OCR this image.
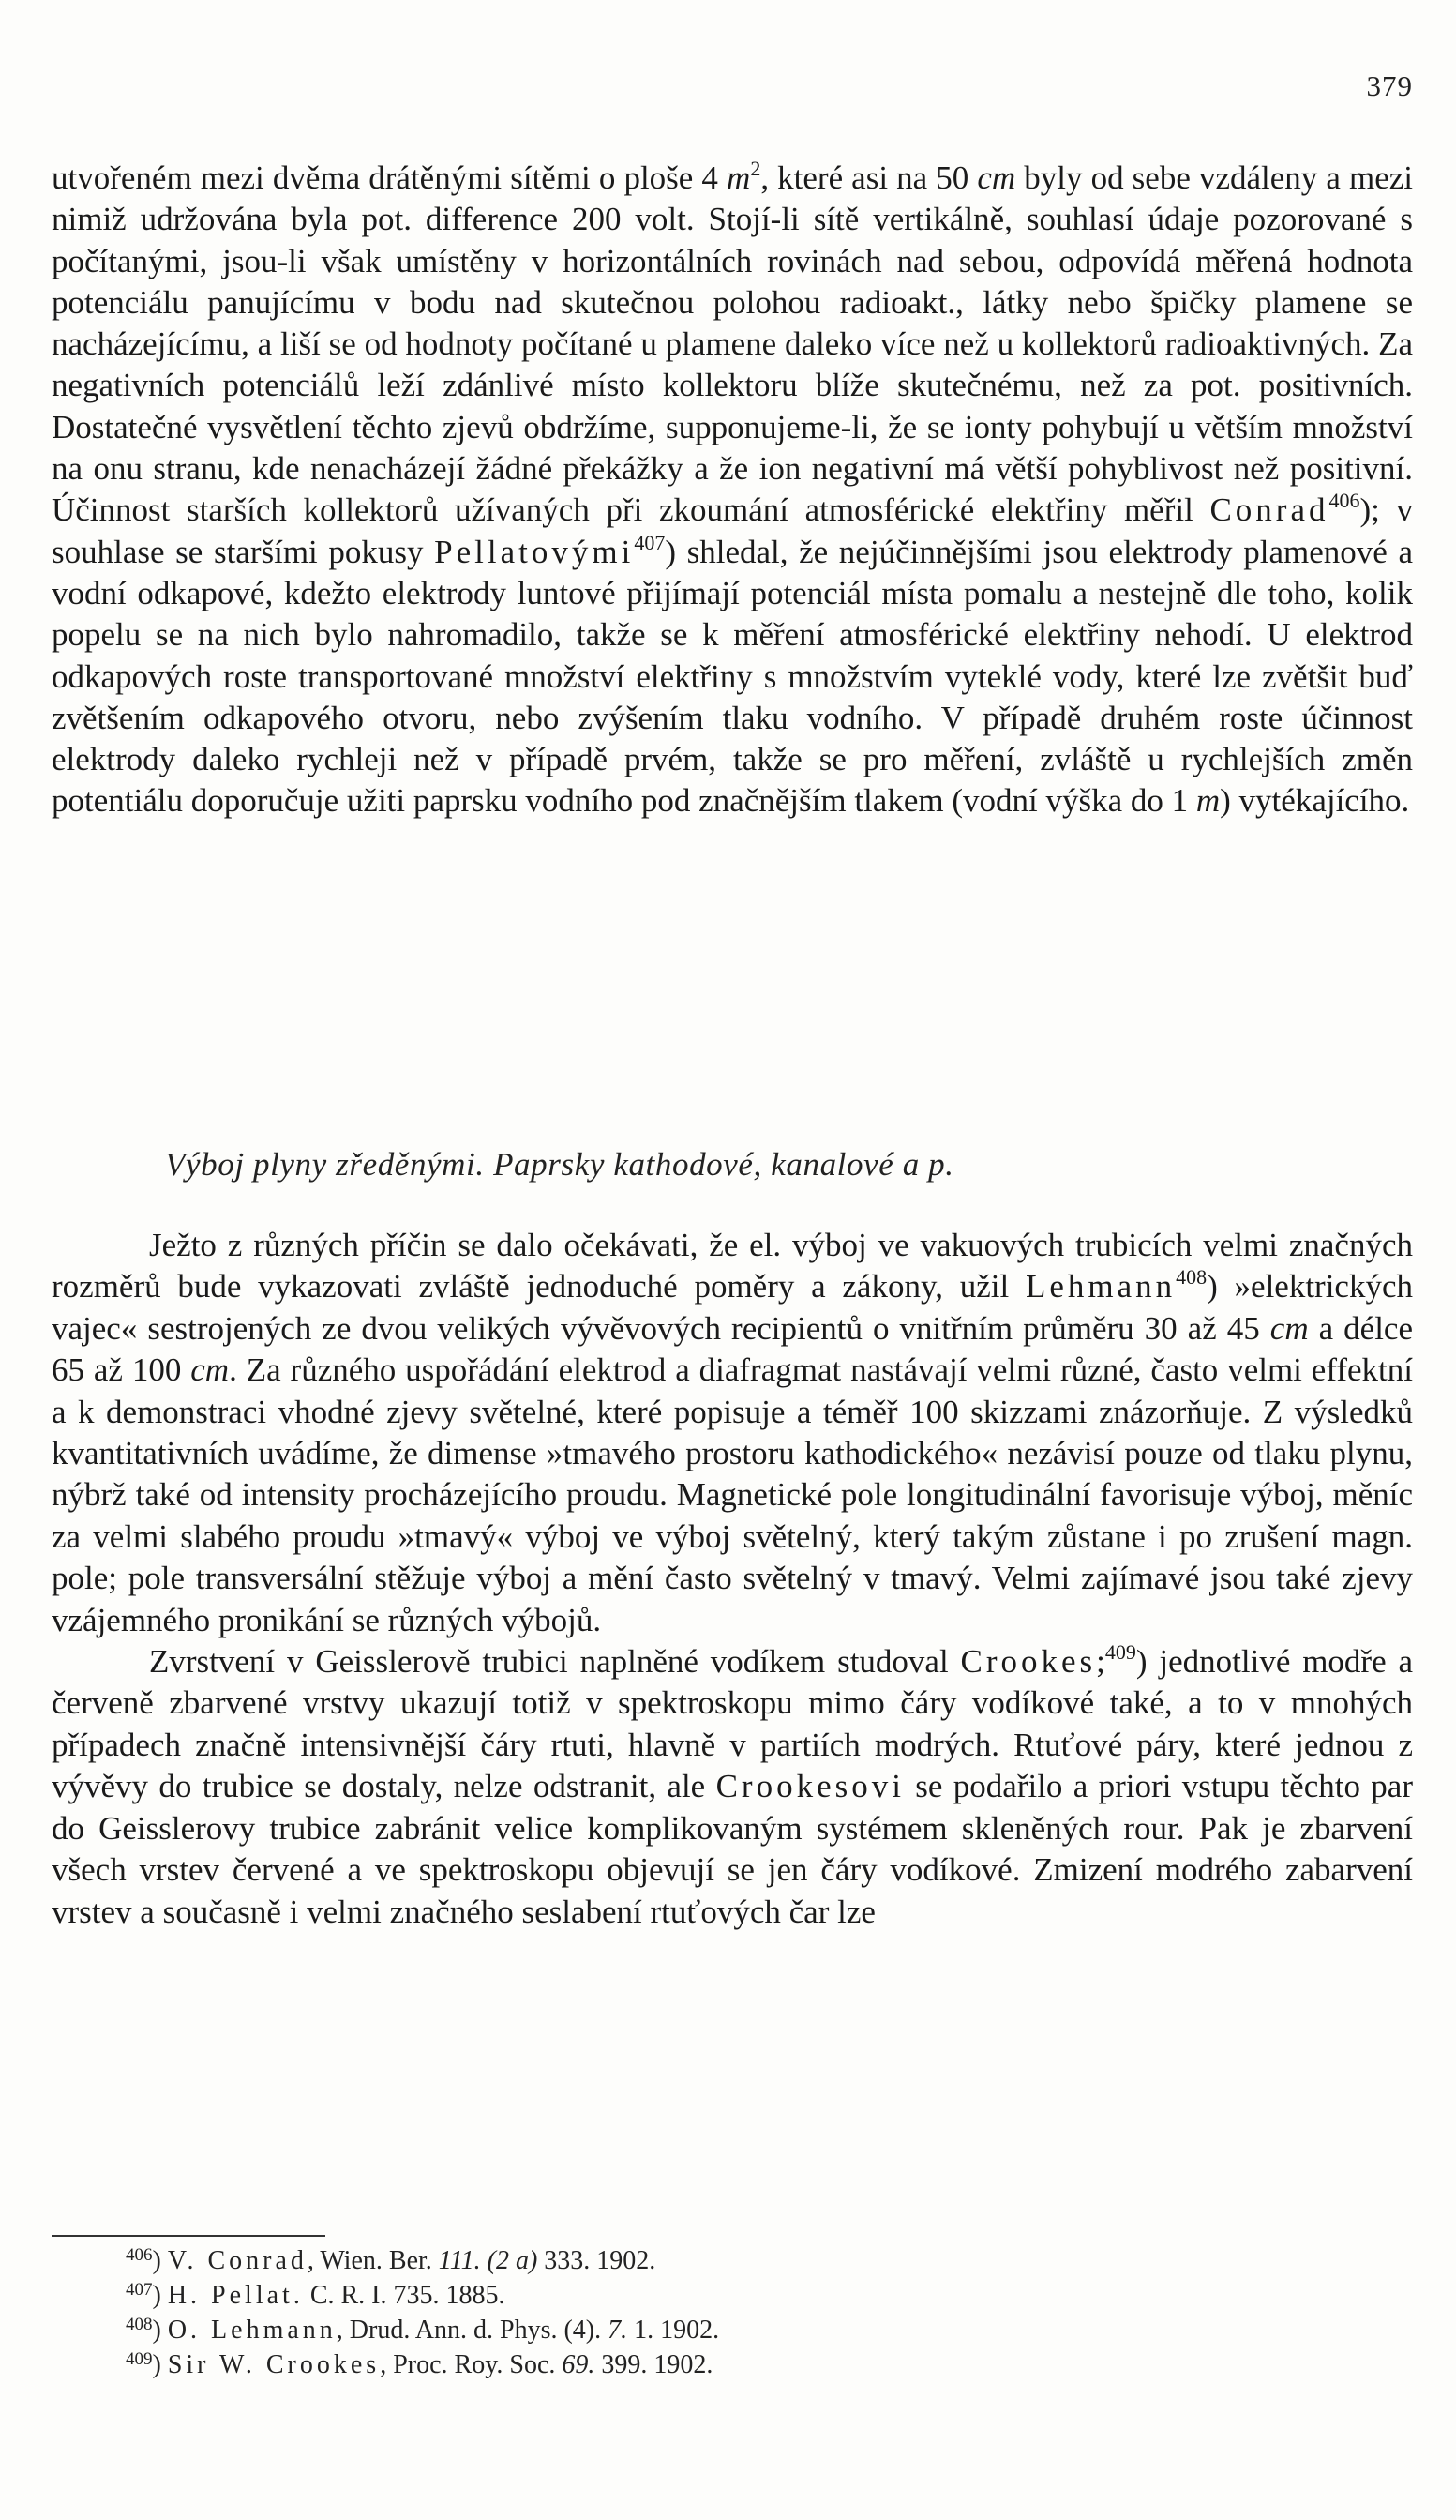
379

utvořeném mezi dvěma drátěnými sítěmi o ploše 4 $m^2$, které asi na 50 cm byly od sebe vzdáleny a mezi nimiž udržována byla pot. difference 200 volt. Stojí-li sítě vertikálně, souhlasí údaje pozorované s počítanými, jsou-li však umístěny v horizontálních rovinách nad sebou, odpovídá měřená hodnota potenciálu panujícímu v bodu nad skutečnou polohou radioakt., látky nebo špičky plamene se nacházejícímu, a liší se od hodnoty počítané u plamene daleko více než u kollektorů radioaktivných. Za negativních potenciálů leží zdánlivé místo kollektoru blíže skutečnému, než za pot. positivních. Dostatečné vysvětlení těchto zjevů obdržíme, supponujeme-li, že se ionty pohybují u větším množství na onu stranu, kde nenacházejí žádné překážky a že ion negativní má větší pohyblivost než positivní. Účinnost starších kollektorů užívaných při zkoumání atmosférické elektřiny měřil Conrad$^{406}$); v souhlase se staršími pokusy Pellatovými$^{407}$) shledal, že nejúčinnějšími jsou elektrody plamenové a vodní odkapové, kdežto elektrody luntové přijímají potenciál místa pomalu a nestejně dle toho, kolik popelu se na nich bylo nahromadilo, takže se k měření atmosférické elektřiny nehodí. U elektrod odkapových roste transportované množství elektřiny s množstvím vyteklé vody, které lze zvětšit buď zvětšením odkapového otvoru, nebo zvýšením tlaku vodního. V případě druhém roste účinnost elektrody daleko rychleji než v případě prvém, takže se pro měření, zvláště u rychlejších změn potentiálu doporučuje užiti paprsku vodního pod značnějším tlakem (vodní výška do 1 m) vytékajícího.

Výboj plyny zředěnými. Paprsky kathodové, kanalové a p.

Ježto z různých příčin se dalo očekávati, že el. výboj ve vakuových trubicích velmi značných rozměrů bude vykazovati zvláště jednoduché poměry a zákony, užil Lehmann$^{408}$) »elektrických vajec« sestrojených ze dvou velikých vývěvových recipientů o vnitřním průměru 30 až 45 cm a délce 65 až 100 cm. Za různého uspořádání elektrod a diafragmat nastávají velmi různé, často velmi effektní a k demonstraci vhodné zjevy světelné, které popisuje a téměř 100 skizzami znázorňuje. Z výsledků kvantitativních uvádíme, že dimense »tmavého prostoru kathodického« nezávisí pouze od tlaku plynu, nýbrž také od intensity procházejícího proudu. Magnetické pole longitudinální favorisuje výboj, měníc za velmi slabého proudu »tmavý« výboj ve výboj světelný, který takým zůstane i po zrušení magn. pole; pole transversální stěžuje výboj a mění často světelný v tmavý. Velmi zajímavé jsou také zjevy vzájemného pronikání se různých výbojů.

Zvrstvení v Geisslerově trubici naplněné vodíkem studoval Crookes;$^{409}$) jednotlivé modře a červeně zbarvené vrstvy ukazují totiž v spektroskopu mimo čáry vodíkové také, a to v mnohých případech značně intensivnější čáry rtuti, hlavně v partiích modrých. Rtuťové páry, které jednou z vývěvy do trubice se dostaly, nelze odstranit, ale Crookesovi se podařilo a priori vstupu těchto par do Geisslerovy trubice zabránit velice komplikovaným systémem skleněných rour. Pak je zbarvení všech vrstev červené a ve spektroskopu objevují se jen čáry vodíkové. Zmizení modrého zabarvení vrstev a současně i velmi značného seslabení rtuťových čar lze

$^{406}$) V. Conrad, Wien. Ber. 111. (2 a) 333. 1902.
$^{407}$) H. Pellat. C. R. I. 735. 1885.
$^{408}$) O. Lehmann, Drud. Ann. d. Phys. (4). 7. 1. 1902.
$^{409}$) Sir W. Crookes, Proc. Roy. Soc. 69. 399. 1902.
